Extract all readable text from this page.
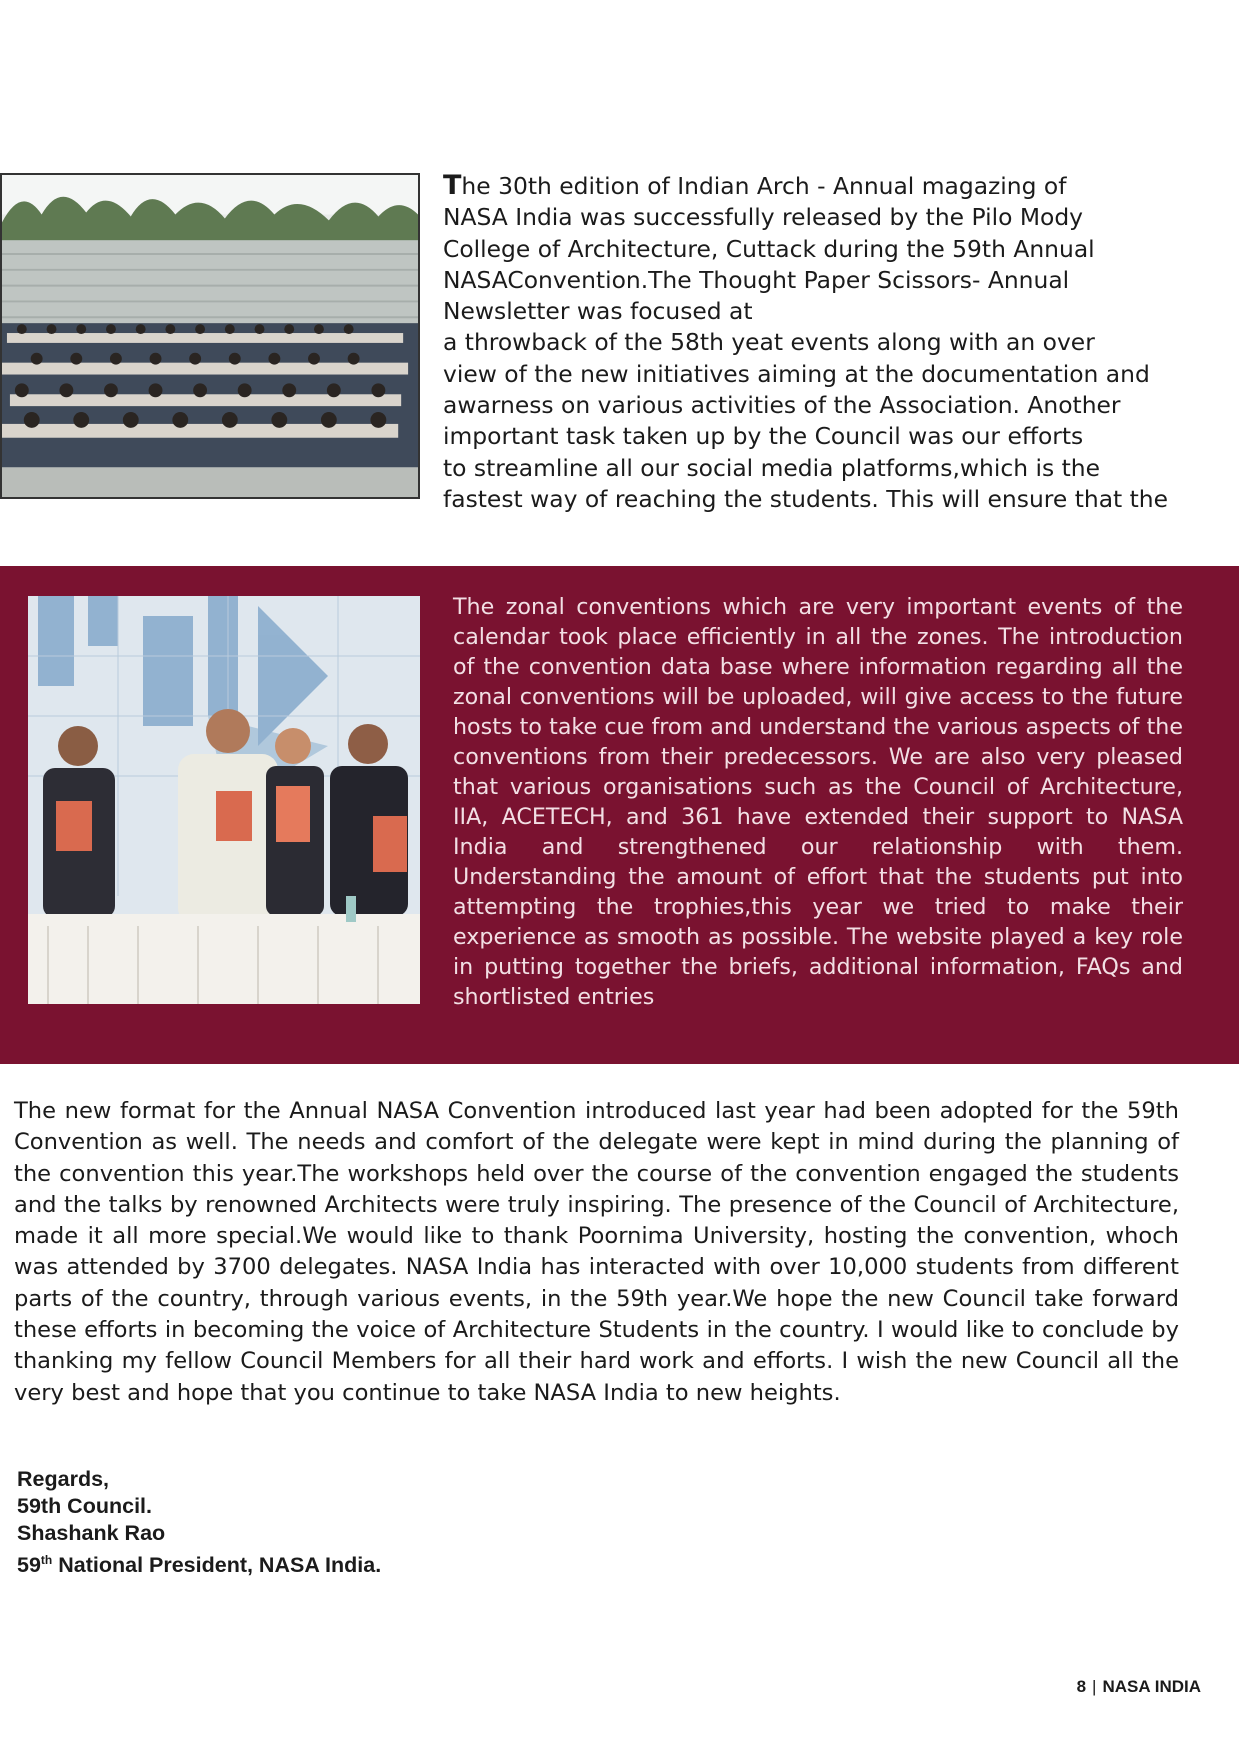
The 30th edition of Indian Arch - Annual magazing of
NASA India was successfully released by the Pilo Mody
College of Architecture, Cuttack during the 59th Annual
NASAConvention.The Thought Paper Scissors- Annual
Newsletter was focused at
a throwback of the 58th yeat events along with an over
view of the new initiatives aiming at the documentation and
awarness on various activities of the Association. Another
important task taken up by the Council was our efforts
to streamline all our social media platforms,which is the
fastest way of reaching the students. This will ensure that the

The zonal conventions which are very important events of the calendar took place efficiently in all the zones. The introduction of the convention data base where information regarding all the zonal conventions will be uploaded, will give access to the future hosts to take cue from and understand the various aspects of the conventions from their predecessors. We are also very pleased that various organisations such as the Council of Architecture, IIA, ACETECH, and 361 have extended their support to NASA India and strengthened our relationship with them. Understanding the amount of effort that the students put into attempting the trophies,this year we tried to make their experience as smooth as possible. The website played a key role in putting together the briefs, additional information, FAQs and shortlisted entries

The new format for the Annual NASA Convention introduced last year had been adopted for the 59th Convention as well. The needs and comfort of the delegate were kept in mind during the planning of the convention this year.The workshops held over the course of the convention engaged the students and the talks by renowned Architects were truly inspiring. The presence of the Council of Architecture, made it all more special.We would like to thank Poornima University, hosting the convention, whoch was attended by 3700 delegates. NASA India has interacted with over 10,000 students from different parts of the country, through various events, in the 59th year.We hope the new Council take forward these efforts in becoming the voice of Architecture Students in the country. I would like to conclude by thanking my fellow Council Members for all their hard work and efforts. I wish the new Council all the very best and hope that you continue to take NASA India to new heights.

Regards,
59th Council.
Shashank Rao
59th National President, NASA India.
8 | NASA INDIA
